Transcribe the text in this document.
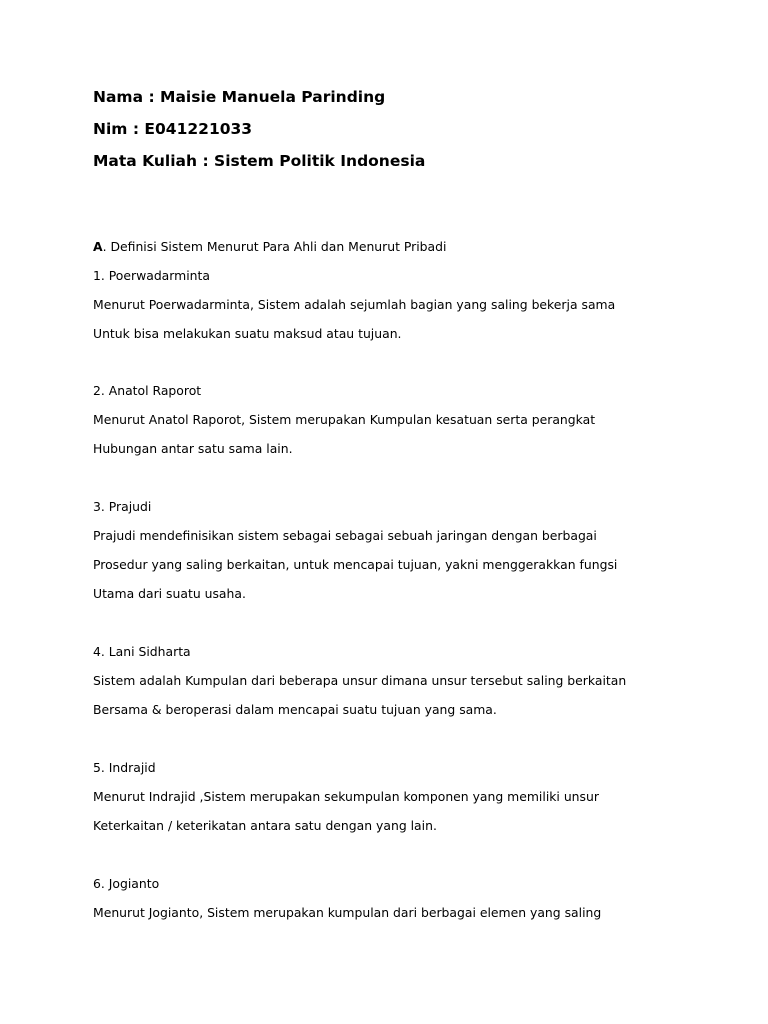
Nama : Maisie Manuela Parinding
Nim : E041221033
Mata Kuliah : Sistem Politik Indonesia
A. Definisi Sistem Menurut Para Ahli dan Menurut Pribadi
1. Poerwadarminta
Menurut Poerwadarminta, Sistem adalah sejumlah bagian yang saling bekerja sama
Untuk bisa melakukan suatu maksud atau tujuan.
2. Anatol Raporot
Menurut Anatol Raporot, Sistem merupakan Kumpulan kesatuan serta perangkat
Hubungan antar satu sama lain.
3. Prajudi
Prajudi mendefinisikan sistem sebagai sebagai sebuah jaringan dengan berbagai
Prosedur yang saling berkaitan, untuk mencapai tujuan, yakni menggerakkan fungsi
Utama dari suatu usaha.
4. Lani Sidharta
Sistem adalah Kumpulan dari beberapa unsur dimana unsur tersebut saling berkaitan
Bersama & beroperasi dalam mencapai suatu tujuan yang sama.
5. Indrajid
Menurut Indrajid ,Sistem merupakan sekumpulan komponen yang memiliki unsur
Keterkaitan / keterikatan antara satu dengan yang lain.
6. Jogianto
Menurut Jogianto, Sistem merupakan kumpulan dari berbagai elemen yang saling
